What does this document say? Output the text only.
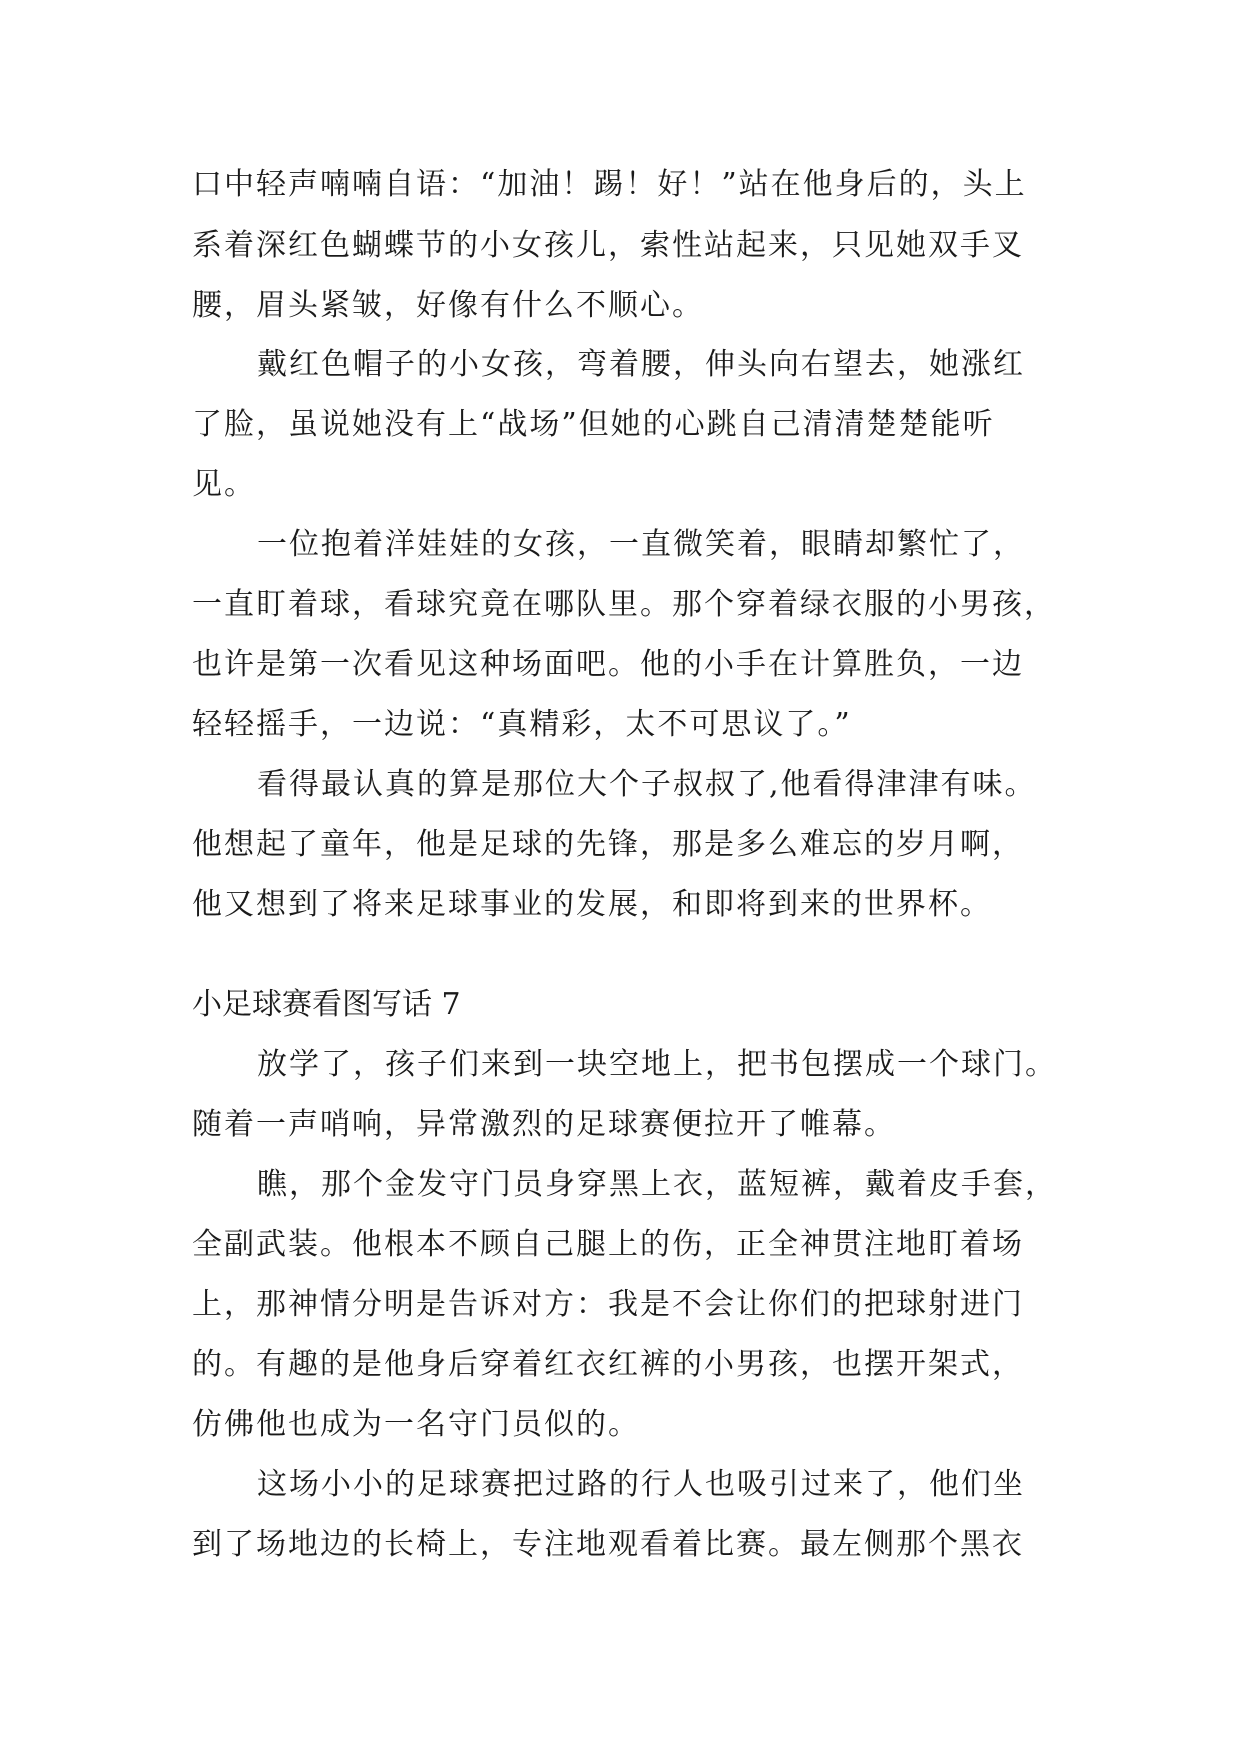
口中轻声喃喃自语：“加油！踢！好！”站在他身后的，头上
系着深红色蝴蝶节的小女孩儿，索性站起来，只见她双手叉
腰，眉头紧皱，好像有什么不顺心。
戴红色帽子的小女孩，弯着腰，伸头向右望去，她涨红
了脸，虽说她没有上“战场”但她的心跳自己清清楚楚能听
见。
一位抱着洋娃娃的女孩，一直微笑着，眼睛却繁忙了，
一直盯着球，看球究竟在哪队里。那个穿着绿衣服的小男孩，
也许是第一次看见这种场面吧。他的小手在计算胜负，一边
轻轻摇手，一边说：“真精彩，太不可思议了。”
看得最认真的算是那位大个子叔叔了,他看得津津有味。
他想起了童年，他是足球的先锋，那是多么难忘的岁月啊，
他又想到了将来足球事业的发展，和即将到来的世界杯。
小足球赛看图写话 7
放学了，孩子们来到一块空地上，把书包摆成一个球门。
随着一声哨响，异常激烈的足球赛便拉开了帷幕。
瞧，那个金发守门员身穿黑上衣，蓝短裤，戴着皮手套，
全副武装。他根本不顾自己腿上的伤，正全神贯注地盯着场
上，那神情分明是告诉对方：我是不会让你们的把球射进门
的。有趣的是他身后穿着红衣红裤的小男孩，也摆开架式，
仿佛他也成为一名守门员似的。
这场小小的足球赛把过路的行人也吸引过来了，他们坐
到了场地边的长椅上，专注地观看着比赛。最左侧那个黑衣
